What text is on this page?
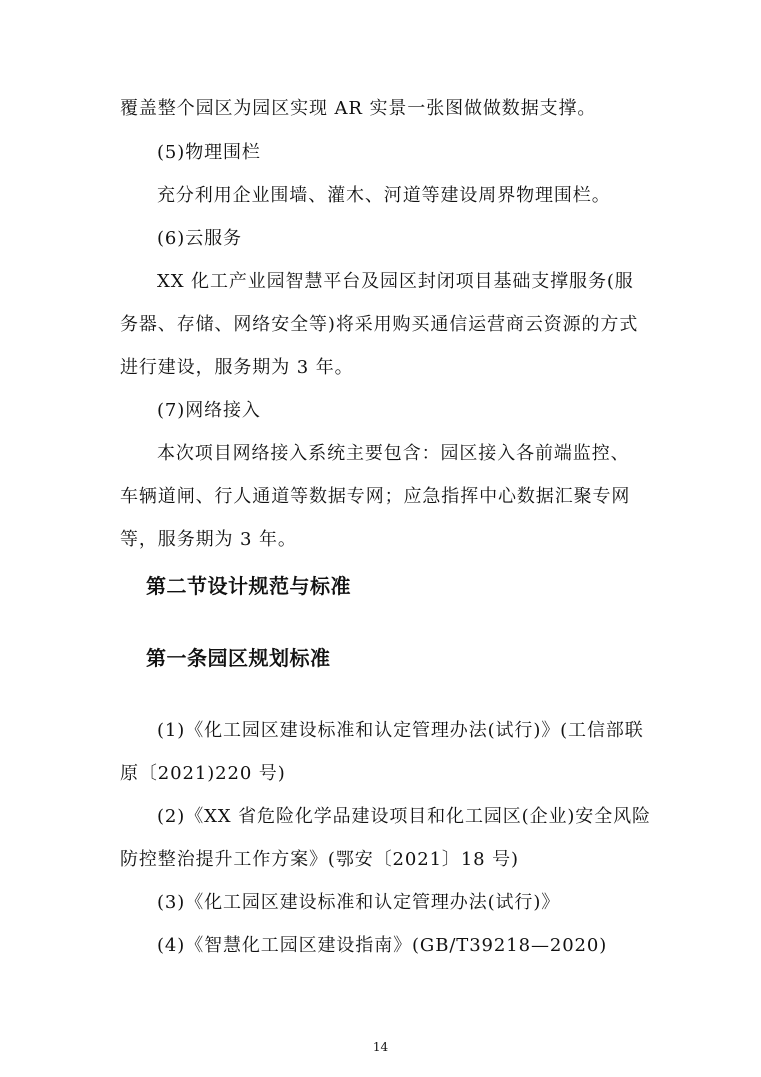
覆盖整个园区为园区实现 AR 实景一张图做做数据支撑。
(5)物理围栏
充分利用企业围墙、灌木、河道等建设周界物理围栏。
(6)云服务
XX 化工产业园智慧平台及园区封闭项目基础支撑服务(服
务器、存储、网络安全等)将采用购买通信运营商云资源的方式
进行建设，服务期为 3 年。
(7)网络接入
本次项目网络接入系统主要包含：园区接入各前端监控、
车辆道闸、行人通道等数据专网；应急指挥中心数据汇聚专网
等，服务期为 3 年。
第二节设计规范与标准
第一条园区规划标准
(1)《化工园区建设标准和认定管理办法(试行)》(工信部联
原〔2021)220 号)
(2)《XX 省危险化学品建设项目和化工园区(企业)安全风险
防控整治提升工作方案》(鄂安〔2021〕18 号)
(3)《化工园区建设标准和认定管理办法(试行)》
(4)《智慧化工园区建设指南》(GB/T39218—2020)
14
